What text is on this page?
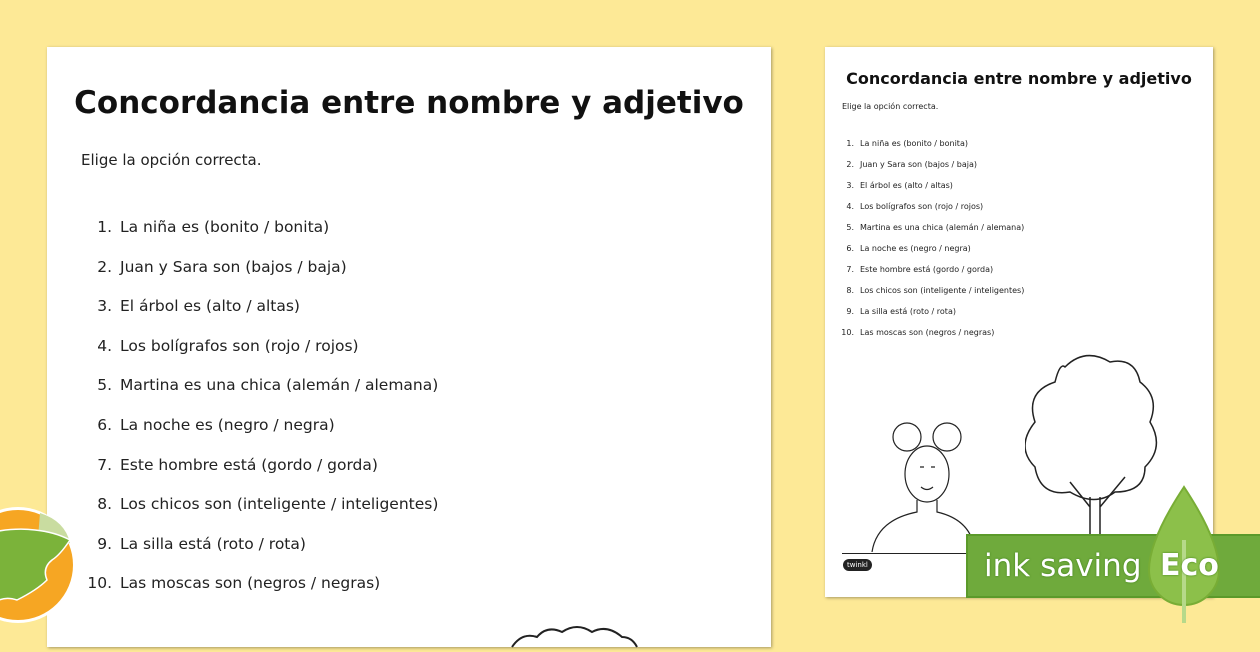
Concordancia entre nombre y adjetivo
Elige la opción correcta.
1. La niña es (bonito / bonita)
2. Juan y Sara son (bajos / baja)
3. El árbol es (alto / altas)
4. Los bolígrafos son (rojo / rojos)
5. Martina es una chica (alemán / alemana)
6. La noche es (negro / negra)
7. Este hombre está (gordo / gorda)
8. Los chicos son (inteligente / inteligentes)
9. La silla está (roto / rota)
10. Las moscas son (negros / negras)
Concordancia entre nombre y adjetivo
Elige la opción correcta.
1. La niña es (bonito / bonita)
2. Juan y Sara son (bajos / baja)
3. El árbol es (alto / altas)
4. Los bolígrafos son (rojo / rojos)
5. Martina es una chica (alemán / alemana)
6. La noche es (negro / negra)
7. Este hombre está (gordo / gorda)
8. Los chicos son (inteligente / inteligentes)
9. La silla está (roto / rota)
10. Las moscas son (negros / negras)
twinkl	ink saving Eco
